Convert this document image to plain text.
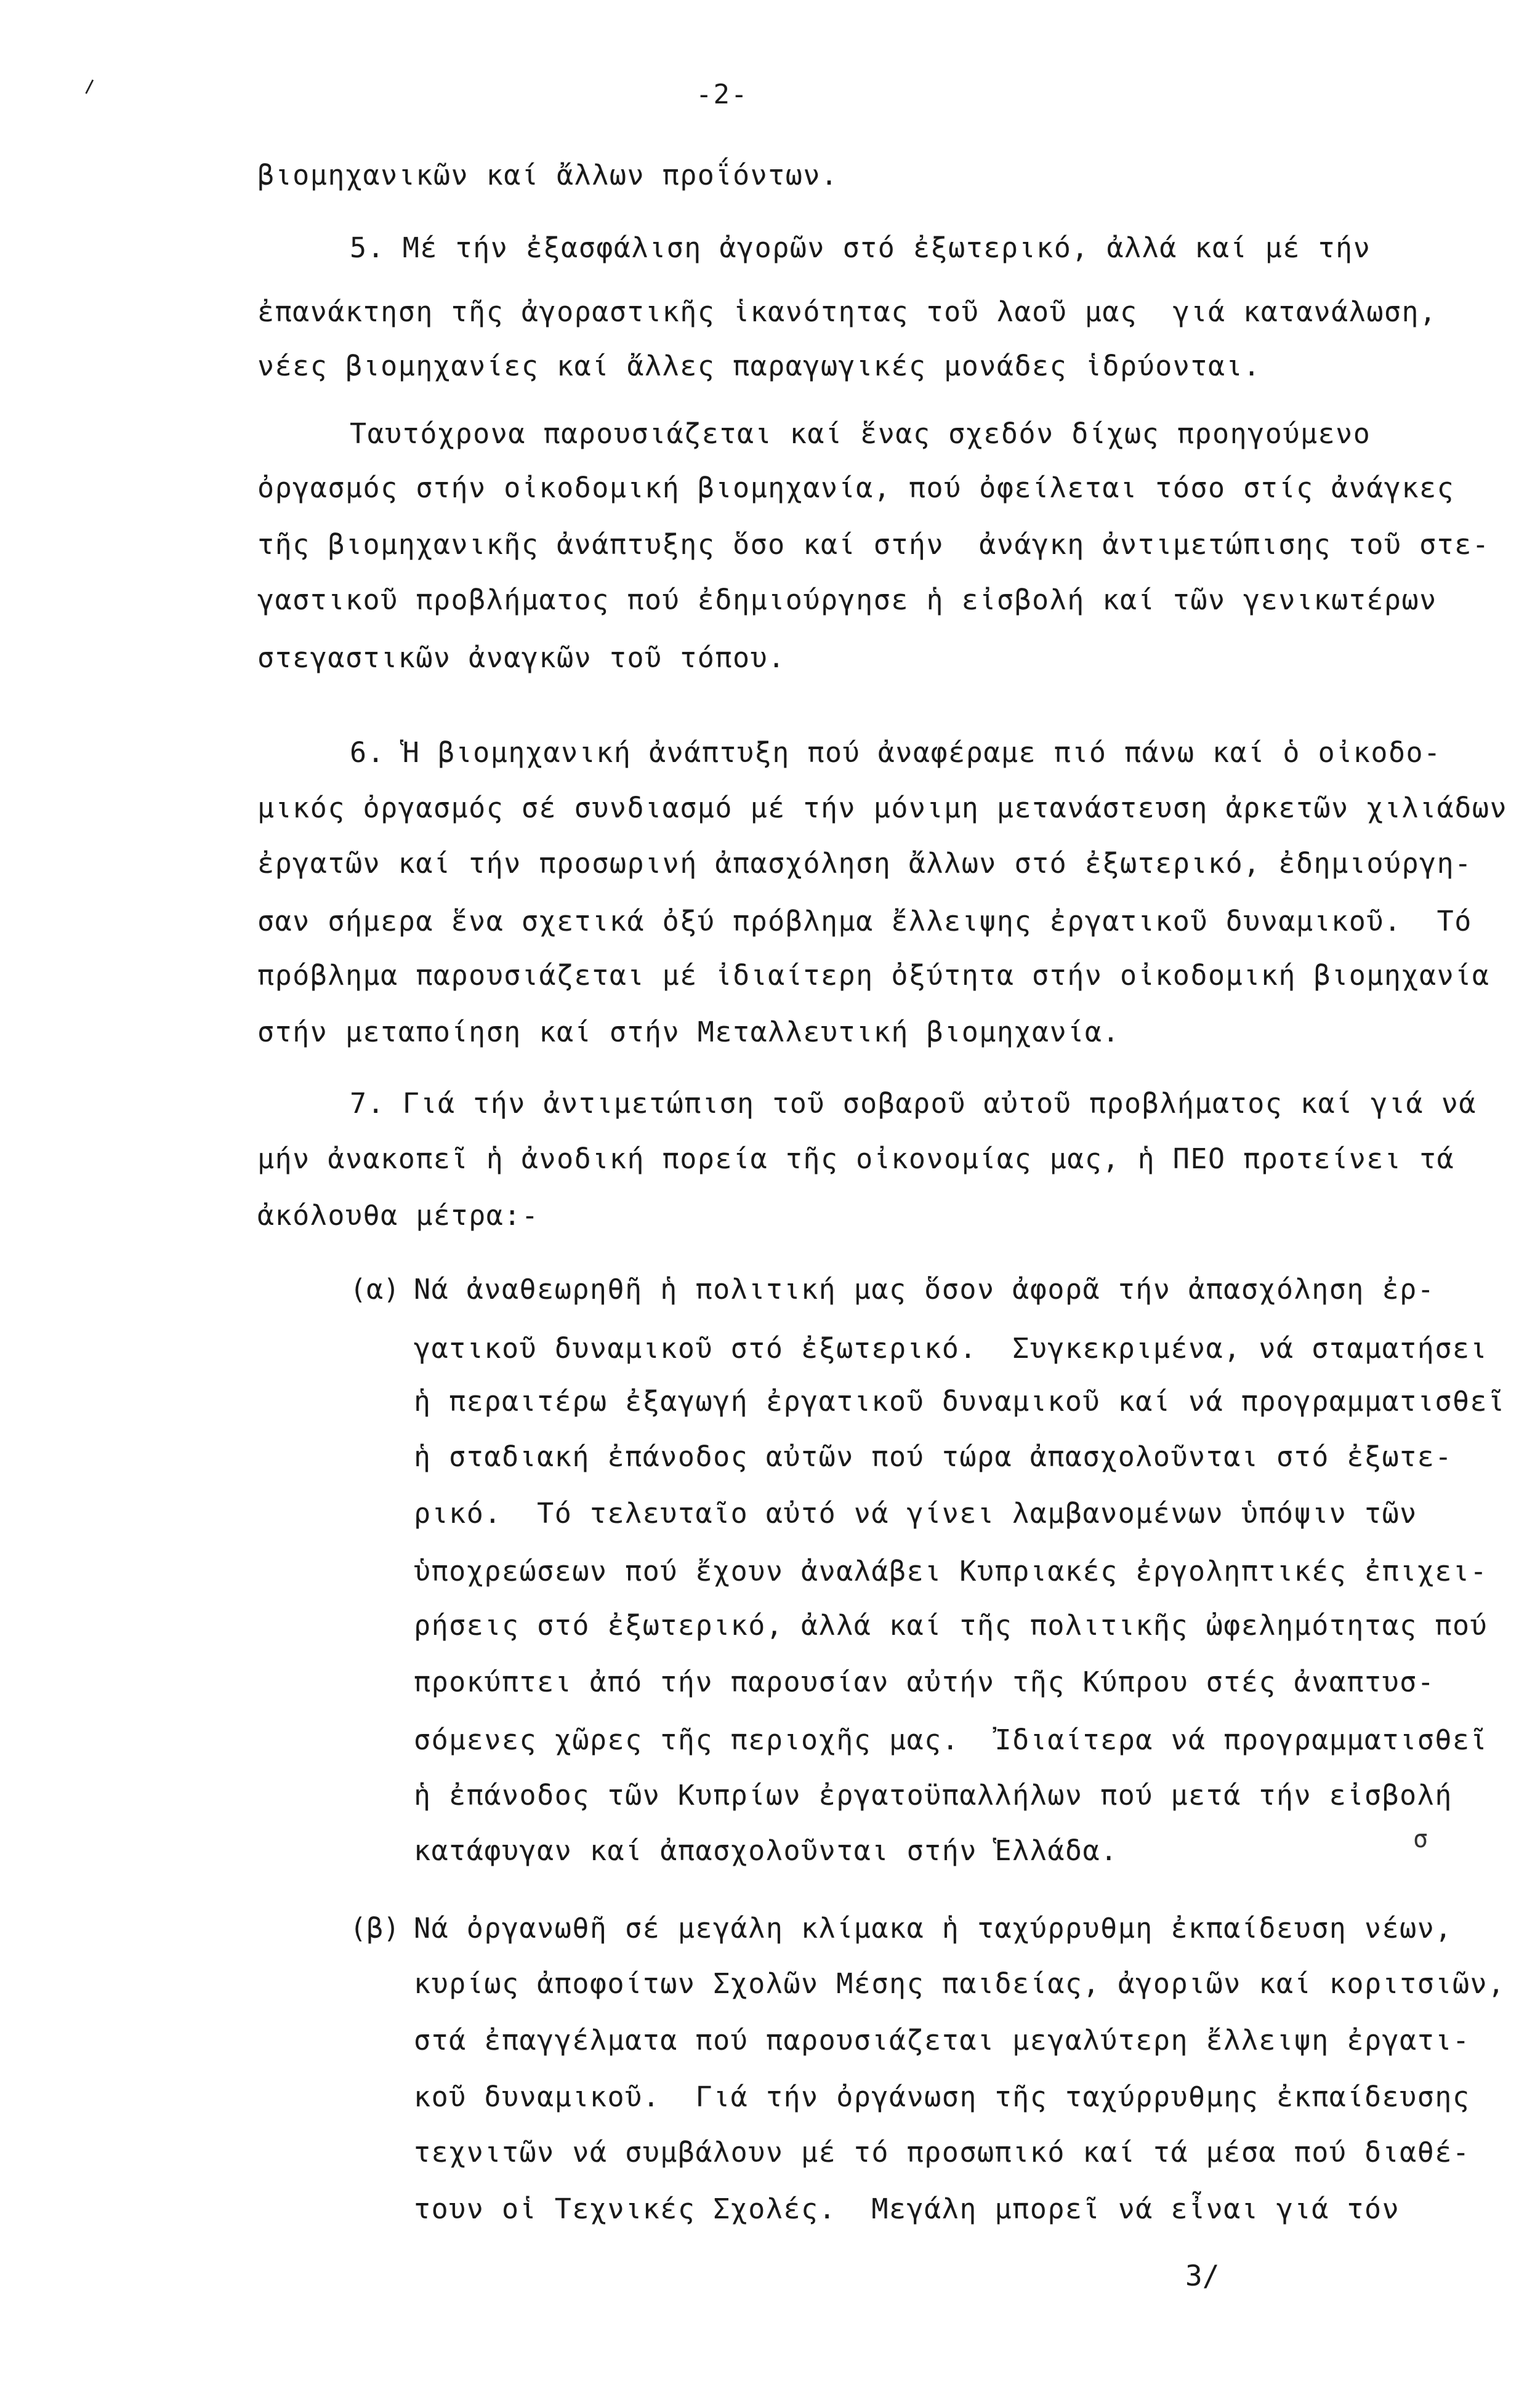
⸝	-2-
βιομηχανικῶν καί ἄλλων προΐόντων.
5. Μέ τήν ἐξασφάλιση ἀγορῶν στό ἐξωτερικό, ἀλλά καί μέ τήν
ἐπανάκτηση τῆς ἀγοραστικῆς ἱκανότητας τοῦ λαοῦ μας  γιά κατανάλωση,
νέες βιομηχανίες καί ἄλλες παραγωγικές μονάδες ἱδρύονται.
Ταυτόχρονα παρουσιάζεται καί ἕνας σχεδόν δίχως προηγούμενο
ὀργασμός στήν οἰκοδομική βιομηχανία, πού ὀφείλεται τόσο στίς ἀνάγκες
τῆς βιομηχανικῆς ἀνάπτυξης ὅσο καί στήν  ἀνάγκη ἀντιμετώπισης τοῦ στε-
γαστικοῦ προβλήματος πού ἐδημιούργησε ἡ εἰσβολή καί τῶν γενικωτέρων
στεγαστικῶν ἀναγκῶν τοῦ τόπου.
6. Ἡ βιομηχανική ἀνάπτυξη πού ἀναφέραμε πιό πάνω καί ὁ οἰκοδο-
μικός ὀργασμός σέ συνδιασμό μέ τήν μόνιμη μετανάστευση ἀρκετῶν χιλιάδων
ἐργατῶν καί τήν προσωρινή ἀπασχόληση ἄλλων στό ἐξωτερικό, ἐδημιούργη-
σαν σήμερα ἕνα σχετικά ὀξύ πρόβλημα ἔλλειψης ἐργατικοῦ δυναμικοῦ.  Τό
πρόβλημα παρουσιάζεται μέ ἰδιαίτερη ὀξύτητα στήν οἰκοδομική βιομηχανία
στήν μεταποίηση καί στήν Μεταλλευτική βιομηχανία.
7. Γιά τήν ἀντιμετώπιση τοῦ σοβαροῦ αὐτοῦ προβλήματος καί γιά νά
μήν ἀνακοπεῖ ἡ ἀνοδική πορεία τῆς οἰκονομίας μας, ἡ ΠΕΟ προτείνει τά
ἀκόλουθα μέτρα:-
(α) Νά ἀναθεωρηθῆ ἡ πολιτική μας ὅσον ἀφορᾶ τήν ἀπασχόληση ἐρ-
γατικοῦ δυναμικοῦ στό ἐξωτερικό.  Συγκεκριμένα, νά σταματήσει
ἡ περαιτέρω ἐξαγωγή ἐργατικοῦ δυναμικοῦ καί νά προγραμματισθεῖ
ἡ σταδιακή ἐπάνοδος αὐτῶν πού τώρα ἀπασχολοῦνται στό ἐξωτε-
ρικό.  Τό τελευταῖο αὐτό νά γίνει λαμβανομένων ὑπόψιν τῶν
ὑποχρεώσεων πού ἔχουν ἀναλάβει Κυπριακές ἐργοληπτικές ἐπιχει-
ρήσεις στό ἐξωτερικό, ἀλλά καί τῆς πολιτικῆς ὠφελημότητας πού
προκύπτει ἀπό τήν παρουσίαν αὐτήν τῆς Κύπρου στές ἀναπτυσ-
σόμενες χῶρες τῆς περιοχῆς μας.  Ἰδιαίτερα νά προγραμματισθεῖ
ἡ ἐπάνοδος τῶν Κυπρίων ἐργατοϋπαλλήλων πού μετά τήν εἰσβολή
κατάφυγαν καί ἀπασχολοῦνται στήν Ἑλλάδα.	σ
(β) Νά ὀργανωθῆ σέ μεγάλη κλίμακα ἡ ταχύρρυθμη ἐκπαίδευση νέων,
κυρίως ἀποφοίτων Σχολῶν Μέσης παιδείας, ἀγοριῶν καί κοριτσιῶν,
στά ἐπαγγέλματα πού παρουσιάζεται μεγαλύτερη ἔλλειψη ἐργατι-
κοῦ δυναμικοῦ.  Γιά τήν ὀργάνωση τῆς ταχύρρυθμης ἐκπαίδευσης
τεχνιτῶν νά συμβάλουν μέ τό προσωπικό καί τά μέσα πού διαθέ-
τουν οἱ Τεχνικές Σχολές.  Μεγάλη μπορεῖ νά εἶναι γιά τόν
3/
